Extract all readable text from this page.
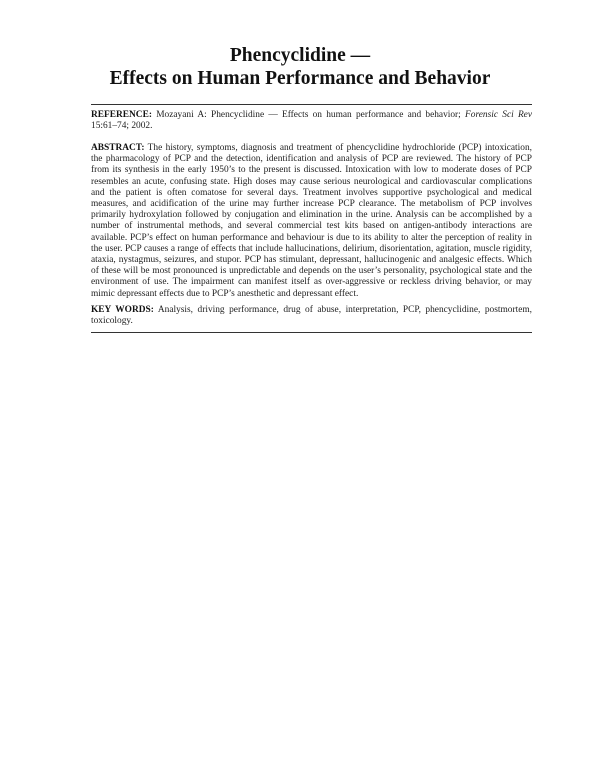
Phencyclidine —
Effects on Human Performance and Behavior
REFERENCE: Mozayani A: Phencyclidine — Effects on human performance and behavior; Forensic Sci Rev 15:61–74; 2002.
ABSTRACT: The history, symptoms, diagnosis and treatment of phencyclidine hydrochloride (PCP) intoxication, the pharmacology of PCP and the detection, identification and analysis of PCP are reviewed. The history of PCP from its synthesis in the early 1950’s to the present is discussed. Intoxication with low to moderate doses of PCP resembles an acute, confusing state. High doses may cause serious neurological and cardiovascular complications and the patient is often comatose for several days. Treatment involves supportive psychological and medical measures, and acidification of the urine may further increase PCP clearance. The metabolism of PCP involves primarily hydroxylation followed by conjugation and elimination in the urine. Analysis can be accomplished by a number of instrumental methods, and several commercial test kits based on antigen-antibody interactions are available. PCP’s effect on human performance and behaviour is due to its ability to alter the perception of reality in the user. PCP causes a range of effects that include hallucinations, delirium, disorientation, agitation, muscle rigidity, ataxia, nystagmus, seizures, and stupor. PCP has stimulant, depressant, hallucinogenic and analgesic effects. Which of these will be most pronounced is unpredictable and depends on the user’s personality, psychological state and the environment of use. The impairment can manifest itself as over-aggressive or reckless driving behavior, or may mimic depressant effects due to PCP’s anesthetic and depressant effect.
KEY WORDS: Analysis, driving performance, drug of abuse, interpretation, PCP, phencyclidine, postmortem, toxicology.
